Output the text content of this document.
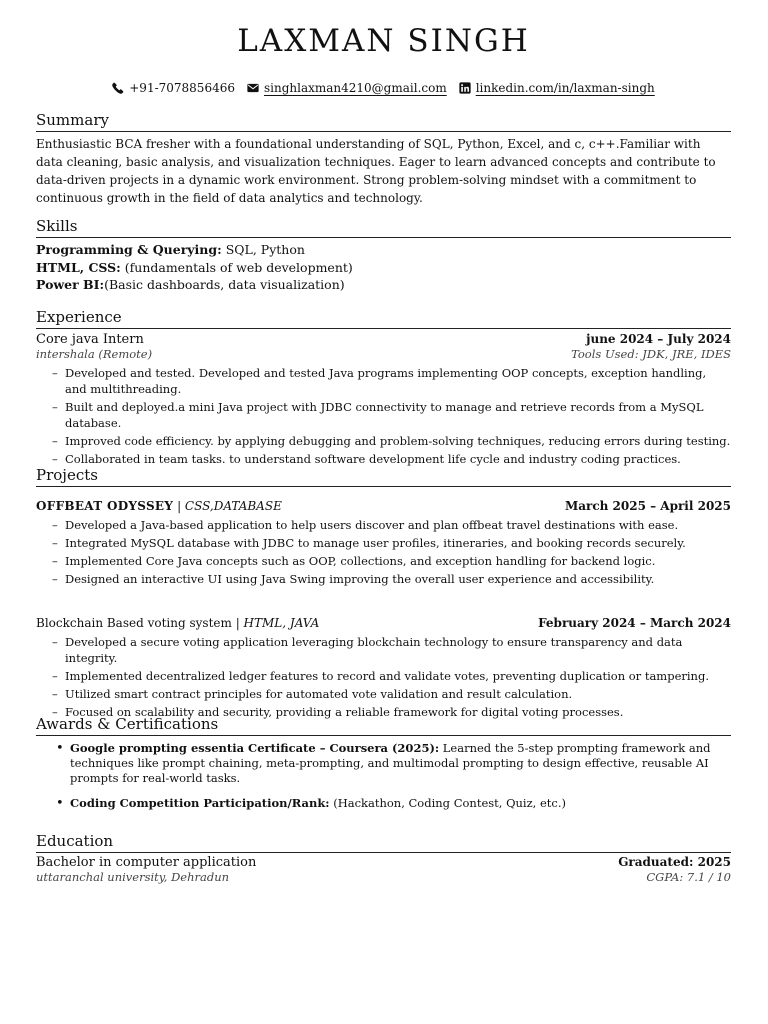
LAXMAN SINGH
+91-7078856466 singhlaxman4210@gmail.com linkedin.com/in/laxman-singh
Summary
Enthusiastic BCA fresher with a foundational understanding of SQL, Python, Excel, and c, c++.Familiar with data cleaning, basic analysis, and visualization techniques. Eager to learn advanced concepts and contribute to data-driven projects in a dynamic work environment. Strong problem-solving mindset with a commitment to continuous growth in the field of data analytics and technology.
Skills
Programming & Querying: SQL, Python
HTML, CSS: (fundamentals of web development)
Power BI:(Basic dashboards, data visualization)
Experience
Core java Intern	june 2024 – July 2024
intershala (Remote)	Tools Used: JDK, JRE, IDES
– Developed and tested. Developed and tested Java programs implementing OOP concepts, exception handling, and multithreading.
– Built and deployed.a mini Java project with JDBC connectivity to manage and retrieve records from a MySQL database.
– Improved code efficiency. by applying debugging and problem-solving techniques, reducing errors during testing.
– Collaborated in team tasks. to understand software development life cycle and industry coding practices.
Projects
OFFBEAT ODYSSEY | CSS,DATABASE	March 2025 – April 2025
– Developed a Java-based application to help users discover and plan offbeat travel destinations with ease.
– Integrated MySQL database with JDBC to manage user profiles, itineraries, and booking records securely.
– Implemented Core Java concepts such as OOP, collections, and exception handling for backend logic.
– Designed an interactive UI using Java Swing improving the overall user experience and accessibility.
Blockchain Based voting system | HTML, JAVA	February 2024 – March 2024
– Developed a secure voting application leveraging blockchain technology to ensure transparency and data integrity.
– Implemented decentralized ledger features to record and validate votes, preventing duplication or tampering.
– Utilized smart contract principles for automated vote validation and result calculation.
– Focused on scalability and security, providing a reliable framework for digital voting processes.
Awards & Certifications
• Google prompting essentia Certificate – Coursera (2025): Learned the 5-step prompting framework and techniques like prompt chaining, meta-prompting, and multimodal prompting to design effective, reusable AI prompts for real-world tasks.
• Coding Competition Participation/Rank: (Hackathon, Coding Contest, Quiz, etc.)
Education
Bachelor in computer application	Graduated: 2025
uttaranchal university, Dehradun	CGPA: 7.1 / 10
